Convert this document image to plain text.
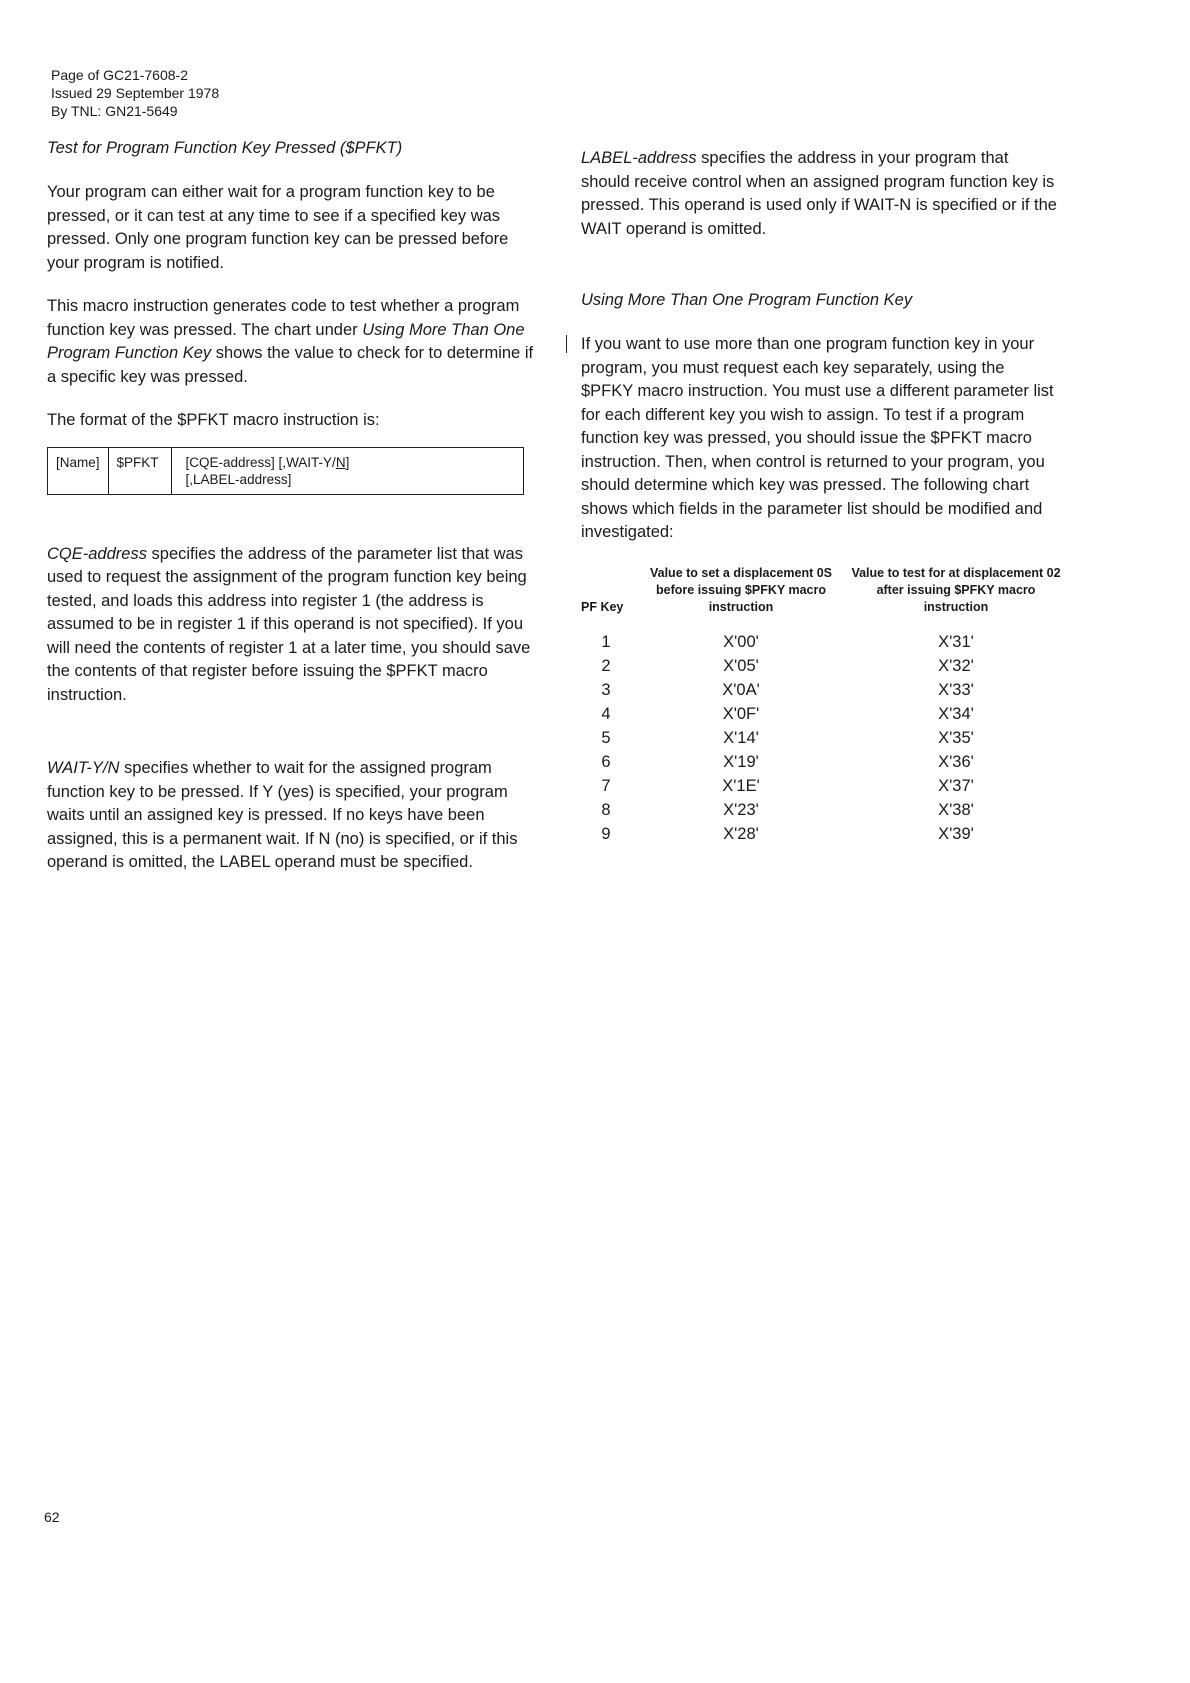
Page of GC21-7608-2
Issued 29 September 1978
By TNL: GN21-5649
Test for Program Function Key Pressed ($PFKT)

Your program can either wait for a program function key to be pressed, or it can test at any time to see if a specified key was pressed. Only one program function key can be pressed before your program is notified.

This macro instruction generates code to test whether a program function key was pressed. The chart under Using More Than One Program Function Key shows the value to check for to determine if a specific key was pressed.

The format of the $PFKT macro instruction is:

[Name]	$PFKT	[CQE-address] [,WAIT-Y/N]
[,LABEL-address]

CQE-address specifies the address of the parameter list that was used to request the assignment of the program function key being tested, and loads this address into register 1 (the address is assumed to be in register 1 if this operand is not specified). If you will need the contents of register 1 at a later time, you should save the contents of that register before issuing the $PFKT macro instruction.

WAIT-Y/N specifies whether to wait for the assigned program function key to be pressed. If Y (yes) is specified, your program waits until an assigned key is pressed. If no keys have been assigned, this is a permanent wait. If N (no) is specified, or if this operand is omitted, the LABEL operand must be specified.

LABEL-address specifies the address in your program that should receive control when an assigned program function key is pressed. This operand is used only if WAIT-N is specified or if the WAIT operand is omitted.

Using More Than One Program Function Key

If you want to use more than one program function key in your program, you must request each key separately, using the $PFKY macro instruction. You must use a different parameter list for each different key you wish to assign. To test if a program function key was pressed, you should issue the $PFKT macro instruction. Then, when control is returned to your program, you should determine which key was pressed. The following chart shows which fields in the parameter list should be modified and investigated:

PF Key	Value to set a displacement 0S before issuing $PFKY macro instruction	Value to test for at displacement 02 after issuing $PFKY macro instruction
1	X'00'	X'31'
2	X'05'	X'32'
3	X'0A'	X'33'
4	X'0F'	X'34'
5	X'14'	X'35'
6	X'19'	X'36'
7	X'1E'	X'37'
8	X'23'	X'38'
9	X'28'	X'39'
62
